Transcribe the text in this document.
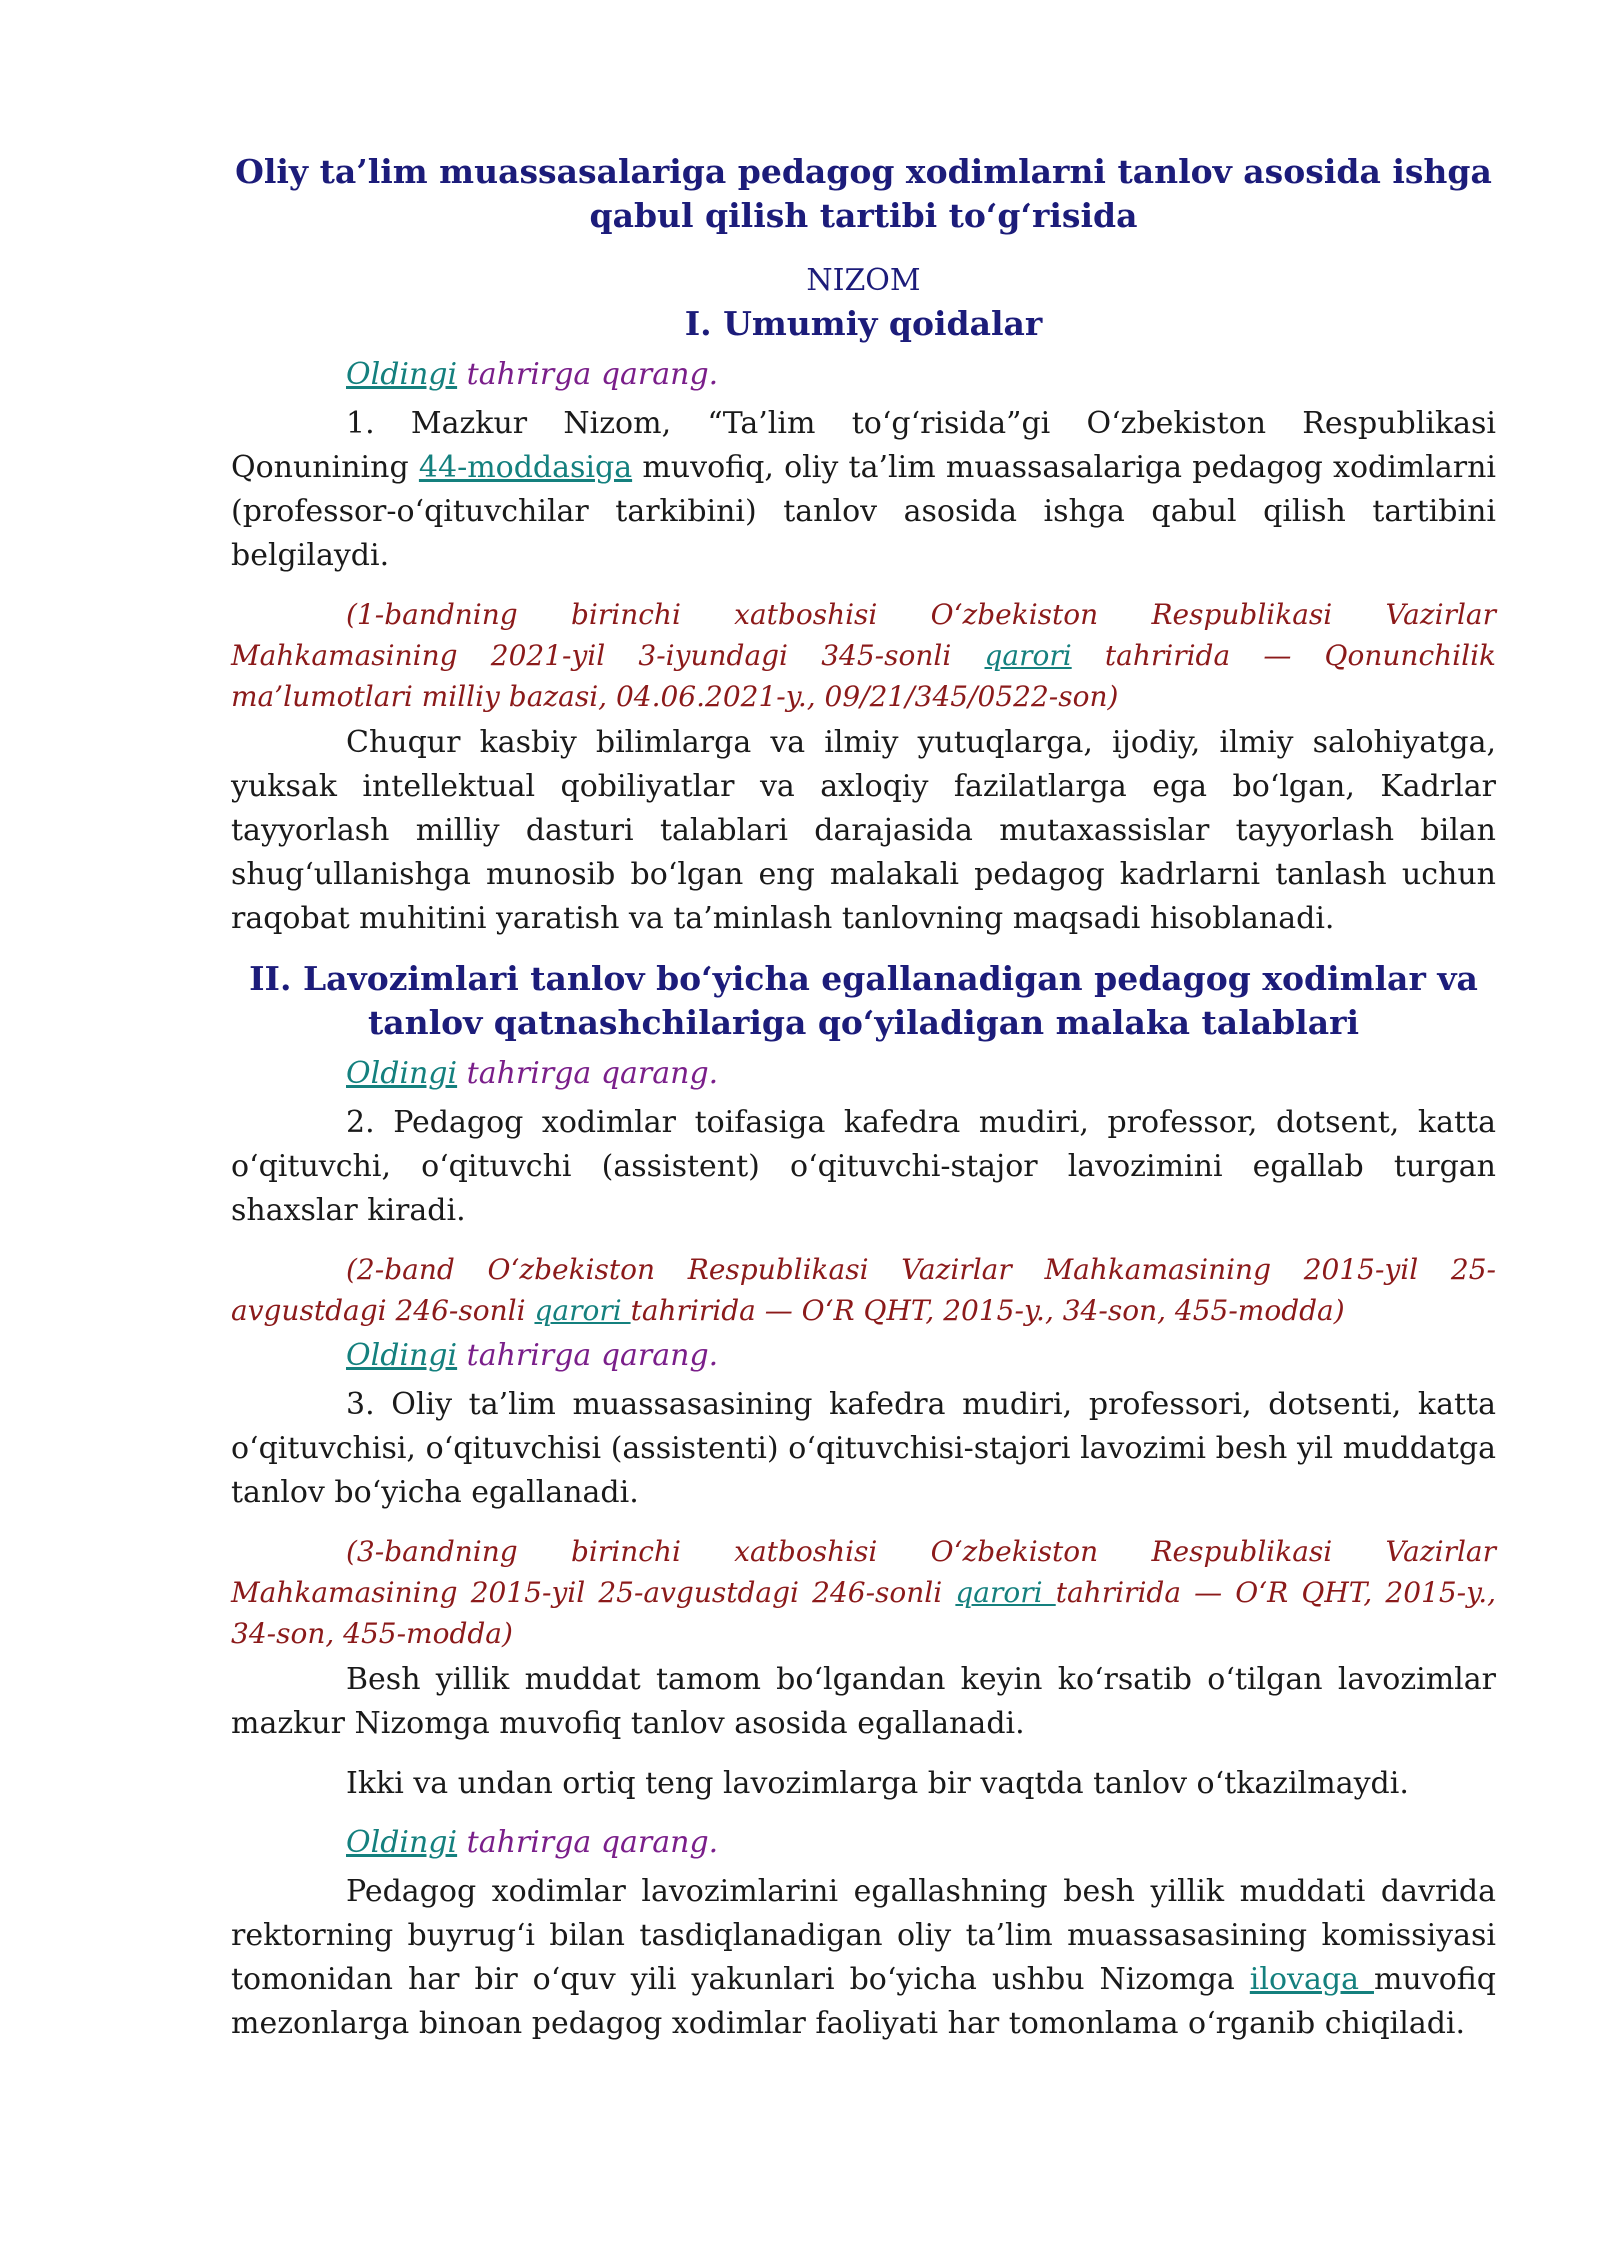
Oliy ta’lim muassasalariga pedagog xodimlarni tanlov asosida ishga qabul qilish tartibi to‘g‘risida
NIZOM
I. Umumiy qoidalar
Oldingi tahrirga qarang.

1. Mazkur Nizom, “Ta’lim to‘g‘risida”gi O‘zbekiston Respublikasi Qonunining 44-moddasiga muvofiq, oliy ta’lim muassasalariga pedagog xodimlarni (professor-o‘qituvchilar tarkibini) tanlov asosida ishga qabul qilish tartibini belgilaydi.

(1-bandning birinchi xatboshisi O‘zbekiston Respublikasi Vazirlar Mahkamasining 2021-yil 3-iyundagi 345-sonli qarori tahririda — Qonunchilik ma’lumotlari milliy bazasi, 04.06.2021-y., 09/21/345/0522-son)

Chuqur kasbiy bilimlarga va ilmiy yutuqlarga, ijodiy, ilmiy salohiyatga, yuksak intellektual qobiliyatlar va axloqiy fazilatlarga ega bo‘lgan, Kadrlar tayyorlash milliy dasturi talablari darajasida mutaxassislar tayyorlash bilan shug‘ullanishga munosib bo‘lgan eng malakali pedagog kadrlarni tanlash uchun raqobat muhitini yaratish va ta’minlash tanlovning maqsadi hisoblanadi.

II. Lavozimlari tanlov bo‘yicha egallanadigan pedagog xodimlar va tanlov qatnashchilariga qo‘yiladigan malaka talablari
Oldingi tahrirga qarang.

2. Pedagog xodimlar toifasiga kafedra mudiri, professor, dotsent, katta o‘qituvchi, o‘qituvchi (assistent) o‘qituvchi-stajor lavozimini egallab turgan shaxslar kiradi.

(2-band O‘zbekiston Respublikasi Vazirlar Mahkamasining 2015-yil 25-avgustdagi 246-sonli qarori tahririda — O‘R QHT, 2015-y., 34-son, 455-modda)

Oldingi tahrirga qarang.

3. Oliy ta’lim muassasasining kafedra mudiri, professori, dotsenti, katta o‘qituvchisi, o‘qituvchisi (assistenti) o‘qituvchisi-stajori lavozimi besh yil muddatga tanlov bo‘yicha egallanadi.

(3-bandning birinchi xatboshisi O‘zbekiston Respublikasi Vazirlar Mahkamasining 2015-yil 25-avgustdagi 246-sonli qarori tahririda — O‘R QHT, 2015-y., 34-son, 455-modda)

Besh yillik muddat tamom bo‘lgandan keyin ko‘rsatib o‘tilgan lavozimlar mazkur Nizomga muvofiq tanlov asosida egallanadi.

Ikki va undan ortiq teng lavozimlarga bir vaqtda tanlov o‘tkazilmaydi.

Oldingi tahrirga qarang.

Pedagog xodimlar lavozimlarini egallashning besh yillik muddati davrida rektorning buyrug‘i bilan tasdiqlanadigan oliy ta’lim muassasasining komissiyasi tomonidan har bir o‘quv yili yakunlari bo‘yicha ushbu Nizomga ilovaga muvofiq mezonlarga binoan pedagog xodimlar faoliyati har tomonlama o‘rganib chiqiladi.
